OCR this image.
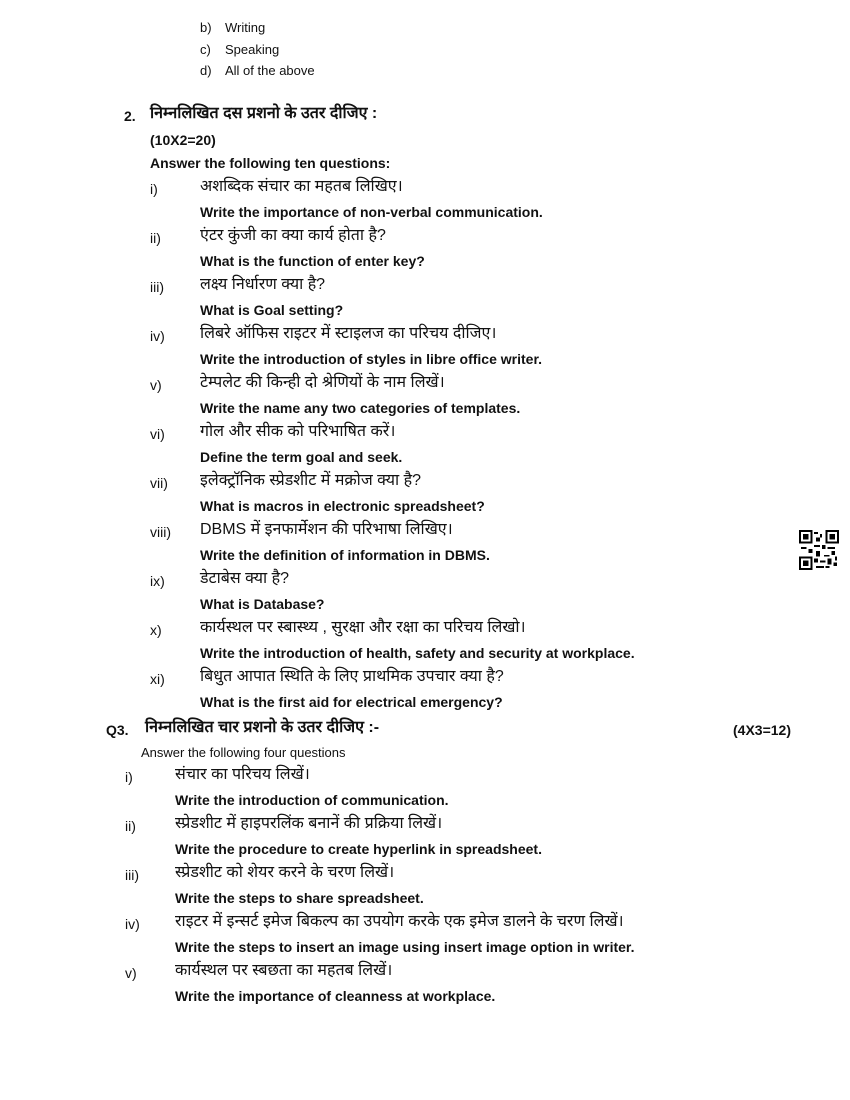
b) Writing
c) Speaking
d) All of the above
2. निम्नलिखित दस प्रशनो के उतर दीजिए :
(10X2=20)
Answer the following ten questions:
i)	अशब्दिक संचार का महतब लिखिए।
Write the importance of non-verbal communication.
ii) एंटर कुंजी का क्या कार्य होता है?
What is the function of enter key?
iii) लक्ष्य निर्धारण क्या है?
What is Goal setting?
iv) लिबरे ऑफिस राइटर में स्टाइलज का परिचय दीजिए।
Write the introduction of styles in libre office writer.
v) टेम्पलेट की किन्ही दो श्रेणियों के नाम लिखें।
Write the name any two categories of templates.
vi) गोल और सीक को परिभाषित करें।
Define the term goal and seek.
vii) इलेक्ट्रॉनिक स्प्रेडशीट में मक्रोज क्या है?
What is macros in electronic spreadsheet?
viii) DBMS में इनफार्मेशन की परिभाषा लिखिए।
Write the definition of information in DBMS.
ix) डेटाबेस क्या है?
What is Database?
x) कार्यस्थल पर स्बास्थ्य , सुरक्षा और रक्षा का परिचय लिखो।
Write the introduction of health, safety and security at workplace.
xi) बिधुत आपात स्थिति के लिए प्राथमिक उपचार क्या है?
What is the first aid for electrical emergency?
Q3. निम्नलिखित चार प्रशनो के उतर दीजिए :-	(4X3=12)
Answer the following four questions
i)	संचार का परिचय लिखें।
Write the introduction of communication.
ii) स्प्रेडशीट में हाइपरलिंक बनानें की प्रक्रिया लिखें।
Write the procedure to create hyperlink in spreadsheet.
iii) स्प्रेडशीट को शेयर करने के चरण लिखें।
Write the steps to share spreadsheet.
iv) राइटर में इन्सर्ट इमेज बिकल्प का उपयोग करके एक इमेज डालने के चरण लिखें।
Write the steps to insert an image using insert image option in writer.
v) कार्यस्थल पर स्बछता का महतब लिखें।
Write the importance of cleanness at workplace.
